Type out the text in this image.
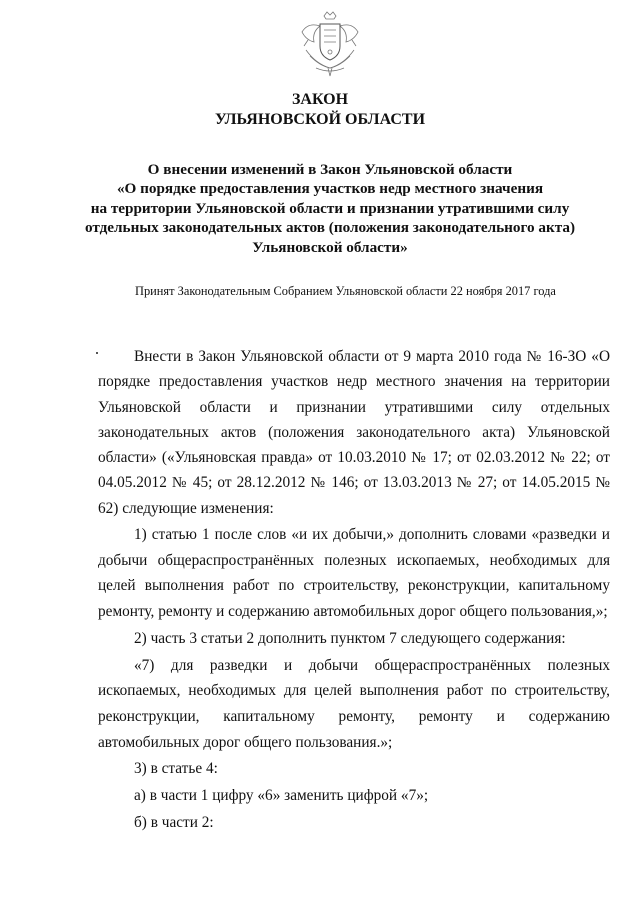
ЗАКОН
УЛЬЯНОВСКОЙ ОБЛАСТИ
О внесении изменений в Закон Ульяновской области
«О порядке предоставления участков недр местного значения
на территории Ульяновской области и признании утратившими силу
отдельных законодательных актов (положения законодательного акта)
Ульяновской области»
Принят Законодательным Собранием Ульяновской области 22 ноября 2017 года

Внести в Закон Ульяновской области от 9 марта 2010 года № 16-ЗО «О порядке предоставления участков недр местного значения на территории Ульяновской области и признании утратившими силу отдельных законодательных актов (положения законодательного акта) Ульяновской области» («Ульяновская правда» от 10.03.2010 № 17; от 02.03.2012 № 22; от 04.05.2012 № 45; от 28.12.2012 № 146; от 13.03.2013 № 27; от 14.05.2015 № 62) следующие изменения:

1) статью 1 после слов «и их добычи,» дополнить словами «разведки и добычи общераспространённых полезных ископаемых, необходимых для целей выполнения работ по строительству, реконструкции, капитальному ремонту, ремонту и содержанию автомобильных дорог общего пользования,»;

2) часть 3 статьи 2 дополнить пунктом 7 следующего содержания:

«7) для разведки и добычи общераспространённых полезных ископаемых, необходимых для целей выполнения работ по строительству, реконструкции, капитальному ремонту, ремонту и содержанию автомобильных дорог общего пользования.»;

3) в статье 4:

а) в части 1 цифру «6» заменить цифрой «7»;

б) в части 2:
